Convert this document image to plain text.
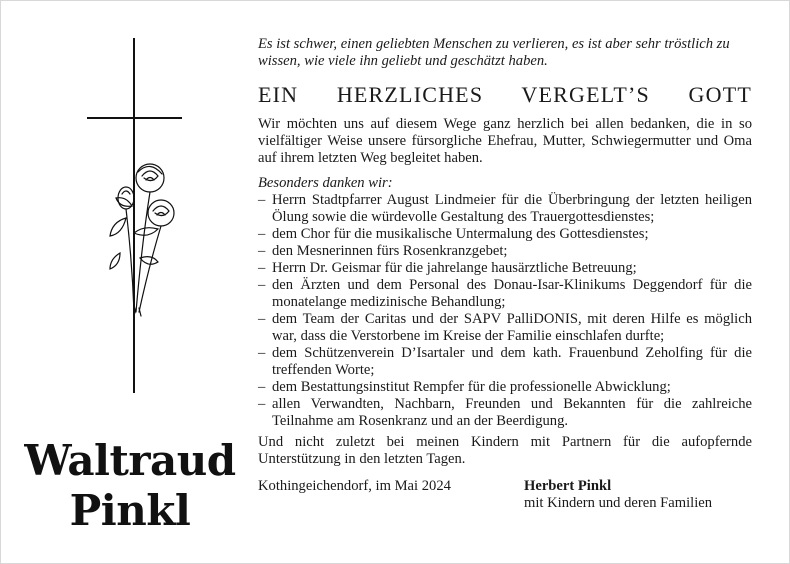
Waltraud
Pinkl

Es ist schwer, einen geliebten Menschen zu verlieren, es ist aber sehr tröstlich zu wissen, wie viele ihn geliebt und geschätzt haben.

EIN HERZLICHES VERGELT’S GOTT

Wir möchten uns auf diesem Wege ganz herzlich bei allen bedanken, die in so vielfältiger Weise unsere fürsorgliche Ehefrau, Mutter, Schwiegermutter und Oma auf ihrem letzten Weg begleitet haben.

Besonders danken wir:
– Herrn Stadtpfarrer August Lindmeier für die Überbringung der letzten heiligen Ölung sowie die würdevolle Gestaltung des Trauergottesdienstes;
– dem Chor für die musikalische Untermalung des Gottesdienstes;
– den Mesnerinnen fürs Rosenkranzgebet;
– Herrn Dr. Geismar für die jahrelange hausärztliche Betreuung;
– den Ärzten und dem Personal des Donau-Isar-Klinikums Deggendorf für die monatelange medizinische Behandlung;
– dem Team der Caritas und der SAPV PalliDONIS, mit deren Hilfe es möglich war, dass die Verstorbene im Kreise der Familie einschlafen durfte;
– dem Schützenverein D’Isartaler und dem kath. Frauenbund Zeholfing für die treffenden Worte;
– dem Bestattungsinstitut Rempfer für die professionelle Abwicklung;
– allen Verwandten, Nachbarn, Freunden und Bekannten für die zahlreiche Teilnahme am Rosenkranz und an der Beerdigung.

Und nicht zuletzt bei meinen Kindern mit Partnern für die aufopfernde Unterstützung in den letzten Tagen.

Kothingeichendorf, im Mai 2024	Herbert Pinkl
mit Kindern und deren Familien
